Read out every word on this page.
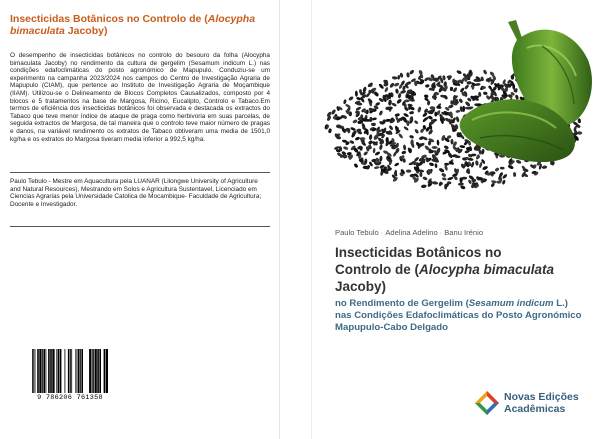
Insecticidas Botânicos no Controlo de (Alocypha bimaculata Jacoby)
O desempenho de insecticidas botânicos no controlo do besouro da folha (Alocypha bimaculata Jacoby) no rendimento da cultura de gergelim (Sesamum indicum L.) nas condições edafoclimáticas do posto agronómico de Mapupulo. Conduziu-se um experimento na campanha 2023/2024 nos campos do Centro de Investigação Agraria de Mapupulo (CIAM), que pertence ao Instituto de Investigação Agraria de Moçambique (IIAM). Utilizou-se o Delineamento de Blocos Completos Causalizados, composto por 4 blocos e 5 tratamentos na base de Margosa, Ricino, Eucalipto, Controlo e Tabaco.Em termos de eficiência dos insecticidas botânicos foi observada e destacada os extractos do Tabaco que teve menor índice de ataque de praga como herbivoria em suas parcelas, de seguida extractos de Margosa, de tal maneira que o controlo teve maior número de pragas e danos, na variável rendimento os extratos de Tabaco obtiveram uma media de 1501,0 kg/ha e os extratos do Margosa tiveram media inferior a 992,5 kg/ha.
Paulo Tebulo - Mestre em Aquacultura pela LUANAR (Lilongwe University of Agriculture and Natural Resources), Mestrando em Solos e Agricultura Sustentavel, Licenciado em Ciencias Agrarias pela Universidade Catolica de Mocambique- Faculdade de Agricultura; Docente e Investigador.
9 786206 761358
Paulo Tebulo · Adelina Adelino · Banu Irénio
Insecticidas Botânicos no
Controlo de (Alocypha bimaculata Jacoby)
no Rendimento de Gergelim (Sesamum indicum L.) nas Condições Edafoclimáticas do Posto Agronómico Mapupulo-Cabo Delgado
Novas Edições
Acadêmicas
